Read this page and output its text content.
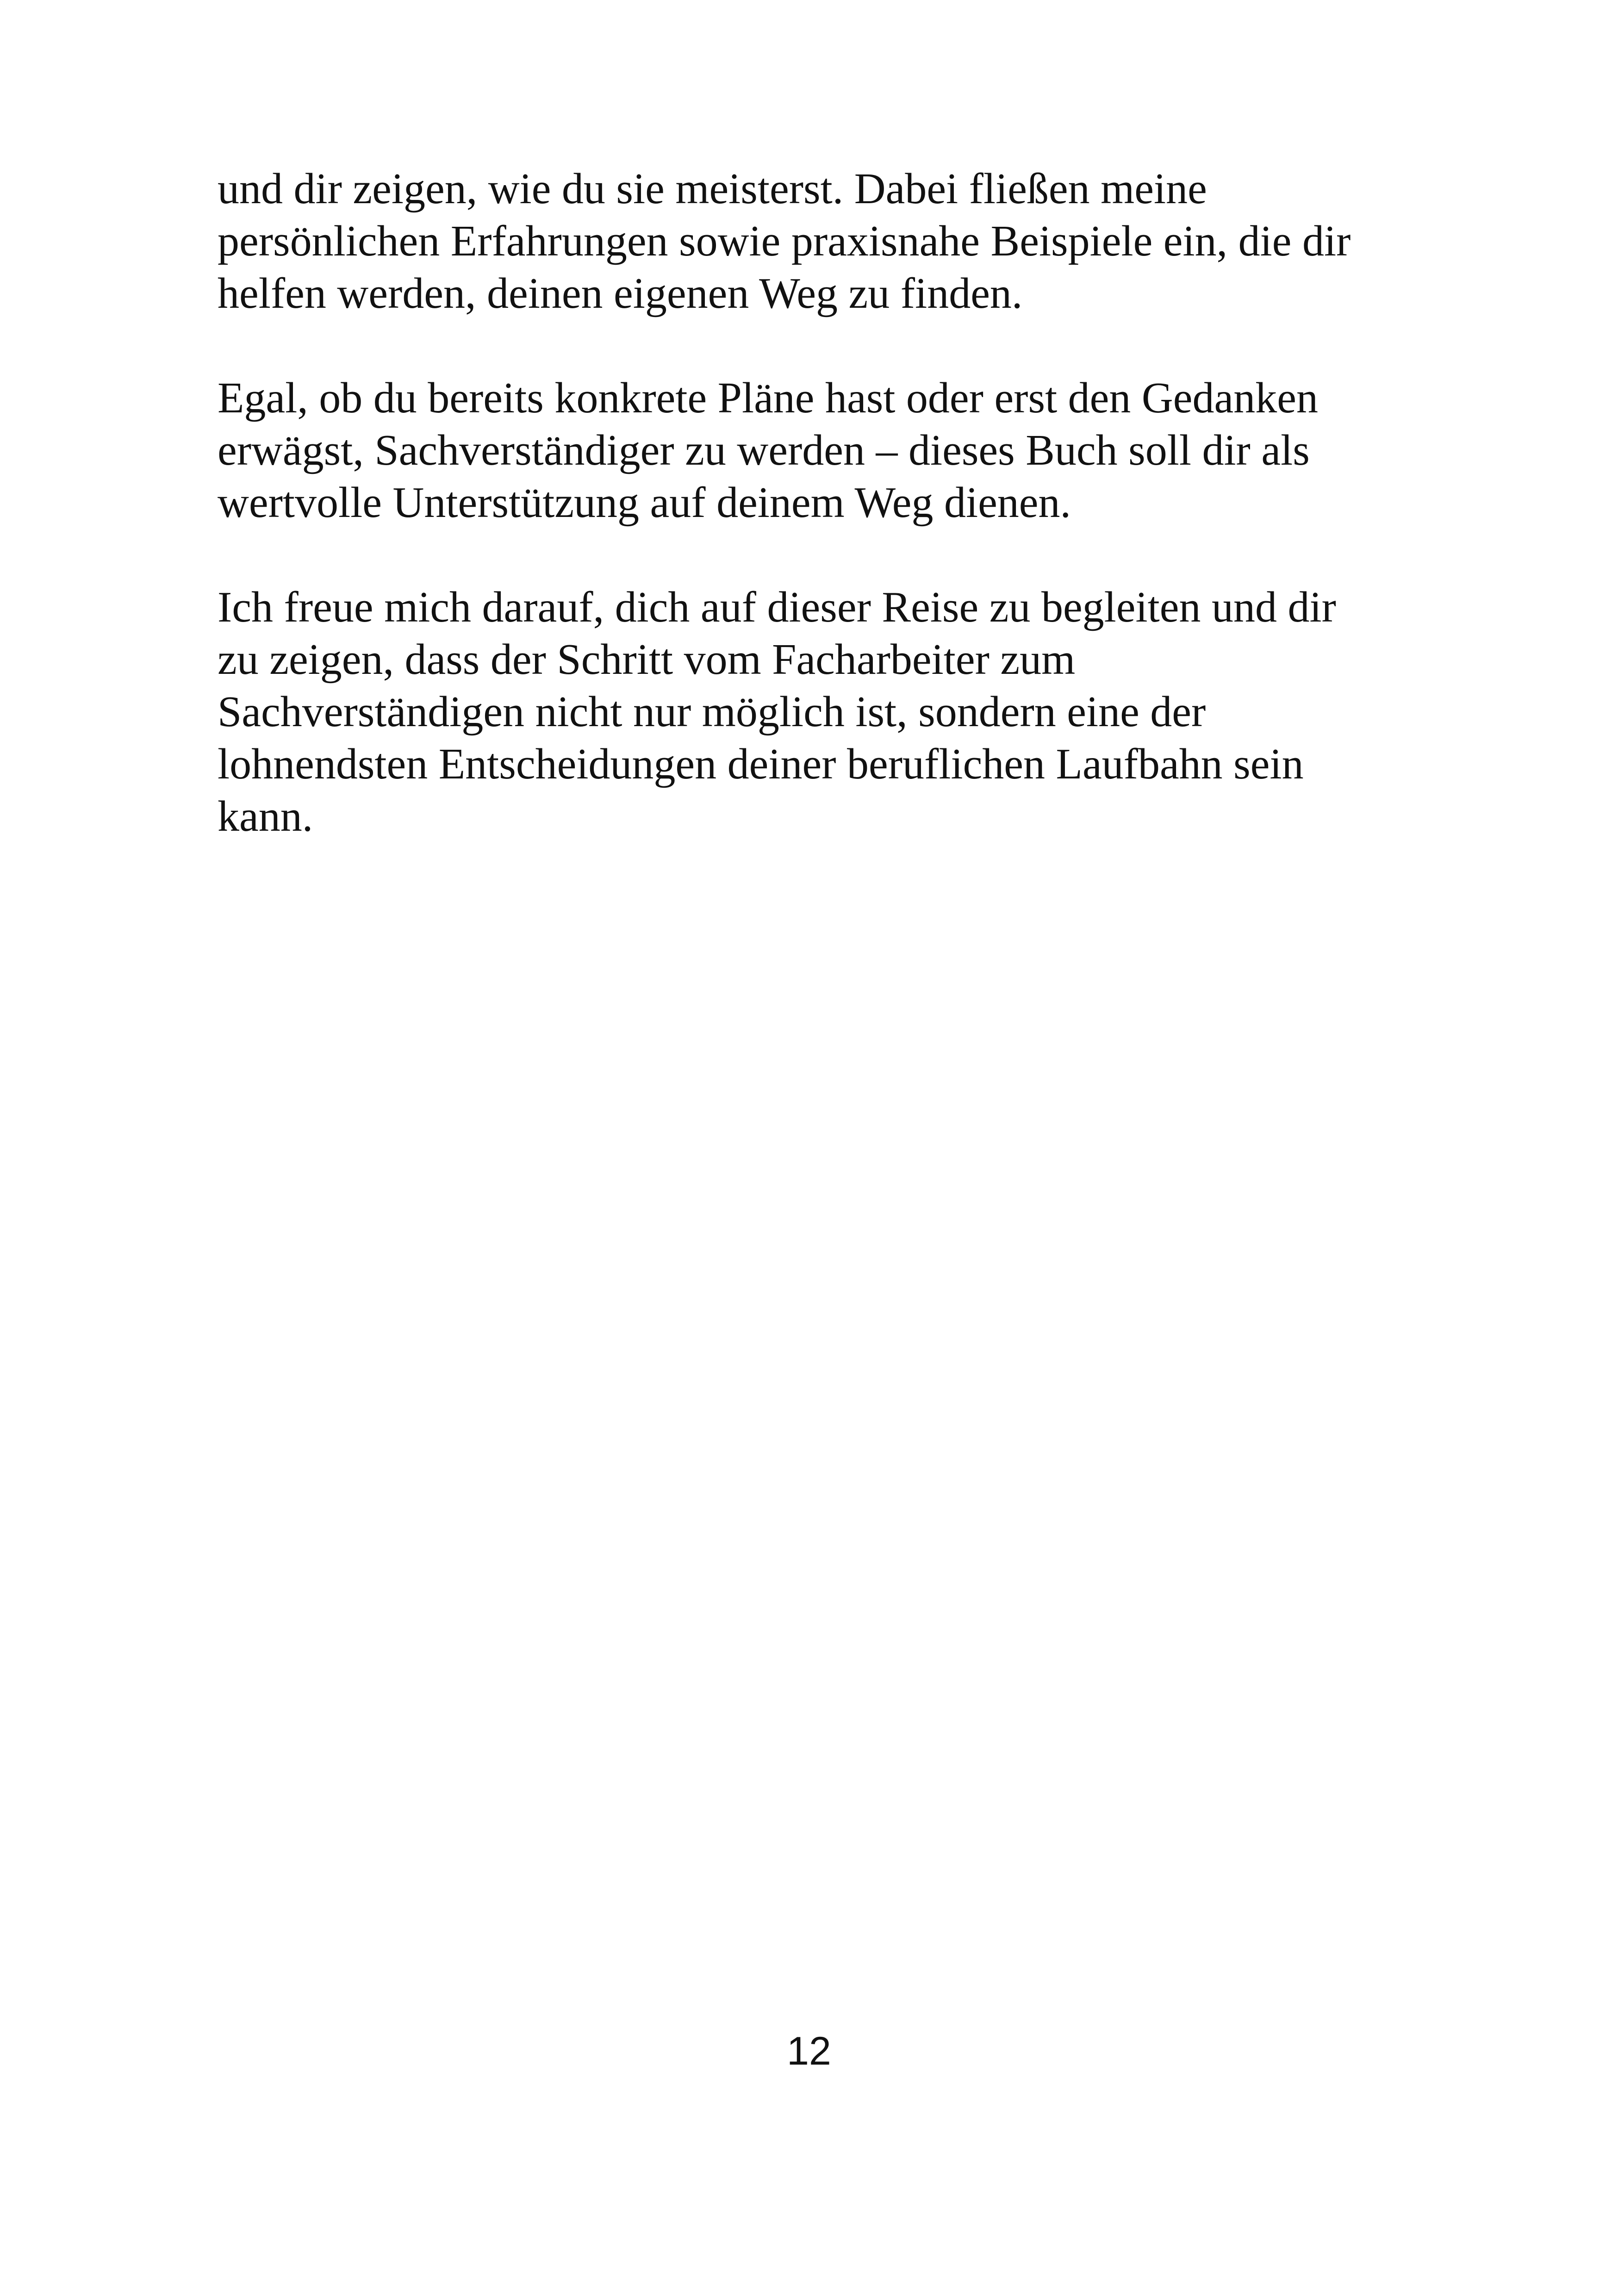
und dir zeigen, wie du sie meisterst. Dabei fließen meine
persönlichen Erfahrungen sowie praxisnahe Beispiele ein, die dir
helfen werden, deinen eigenen Weg zu finden.

Egal, ob du bereits konkrete Pläne hast oder erst den Gedanken
erwägst, Sachverständiger zu werden – dieses Buch soll dir als
wertvolle Unterstützung auf deinem Weg dienen.

Ich freue mich darauf, dich auf dieser Reise zu begleiten und dir
zu zeigen, dass der Schritt vom Facharbeiter zum
Sachverständigen nicht nur möglich ist, sondern eine der
lohnendsten Entscheidungen deiner beruflichen Laufbahn sein
kann.

12
